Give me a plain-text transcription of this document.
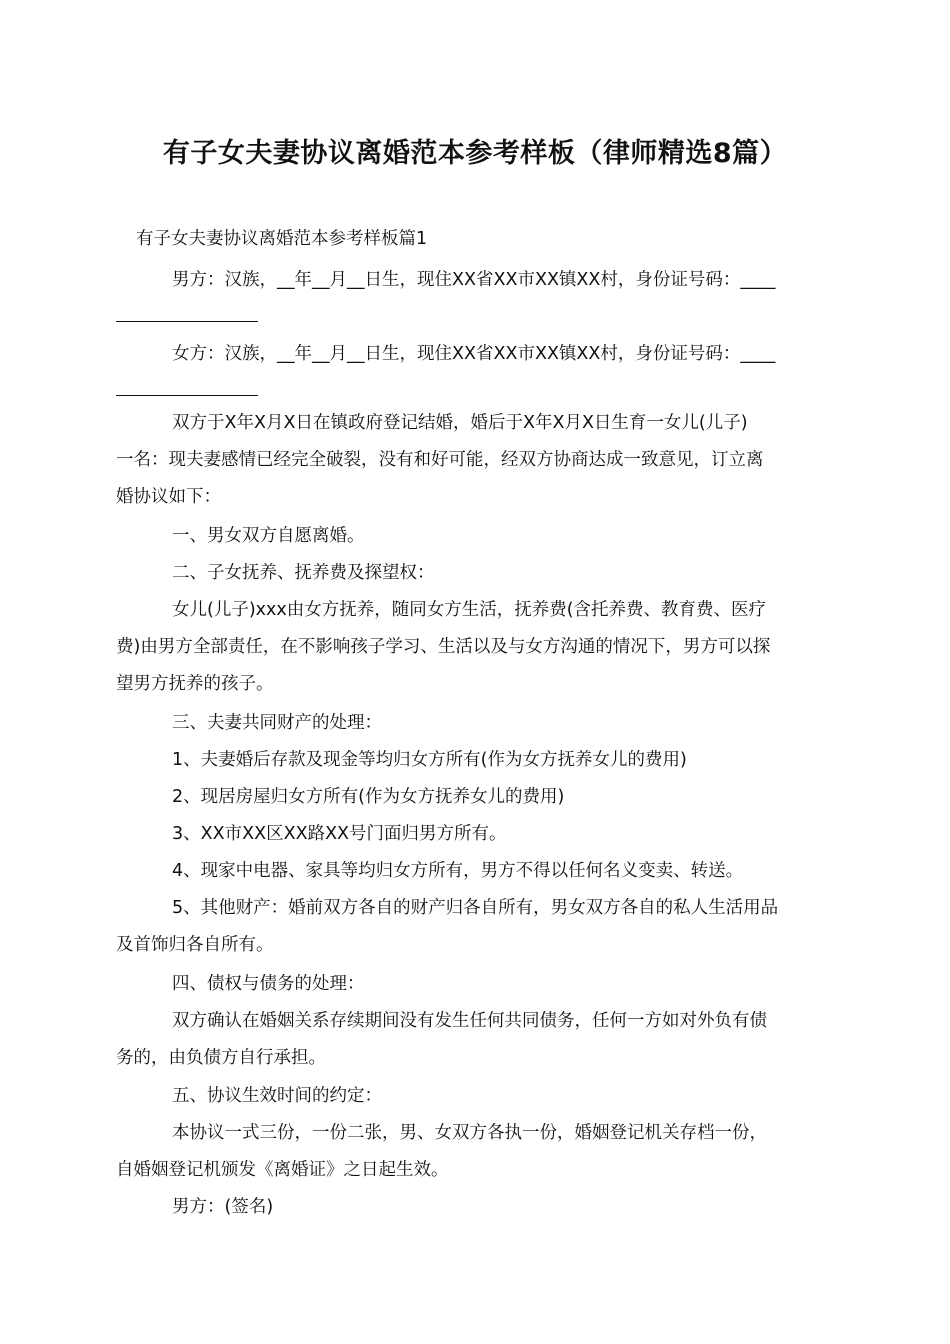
有子女夫妻协议离婚范本参考样板（律师精选8篇）
有子女夫妻协议离婚范本参考样板篇1
男方：汉族，__年__月__日生，现住XX省XX市XX镇XX村，身份证号码：____
女方：汉族，__年__月__日生，现住XX省XX市XX镇XX村，身份证号码：____
双方于X年X月X日在镇政府登记结婚，婚后于X年X月X日生育一女儿(儿子)
一名：现夫妻感情已经完全破裂，没有和好可能，经双方协商达成一致意见，订立离
婚协议如下：
一、男女双方自愿离婚。
二、子女抚养、抚养费及探望权：
女儿(儿子)xxx由女方抚养，随同女方生活，抚养费(含托养费、教育费、医疗
费)由男方全部责任，在不影响孩子学习、生活以及与女方沟通的情况下，男方可以探
望男方抚养的孩子。
三、夫妻共同财产的处理：
1、夫妻婚后存款及现金等均归女方所有(作为女方抚养女儿的费用)
2、现居房屋归女方所有(作为女方抚养女儿的费用)
3、XX市XX区XX路XX号门面归男方所有。
4、现家中电器、家具等均归女方所有，男方不得以任何名义变卖、转送。
5、其他财产：婚前双方各自的财产归各自所有，男女双方各自的私人生活用品
及首饰归各自所有。
四、债权与债务的处理：
双方确认在婚姻关系存续期间没有发生任何共同债务，任何一方如对外负有债
务的，由负债方自行承担。
五、协议生效时间的约定：
本协议一式三份，一份二张，男、女双方各执一份，婚姻登记机关存档一份，
自婚姻登记机颁发《离婚证》之日起生效。
男方：(签名)
